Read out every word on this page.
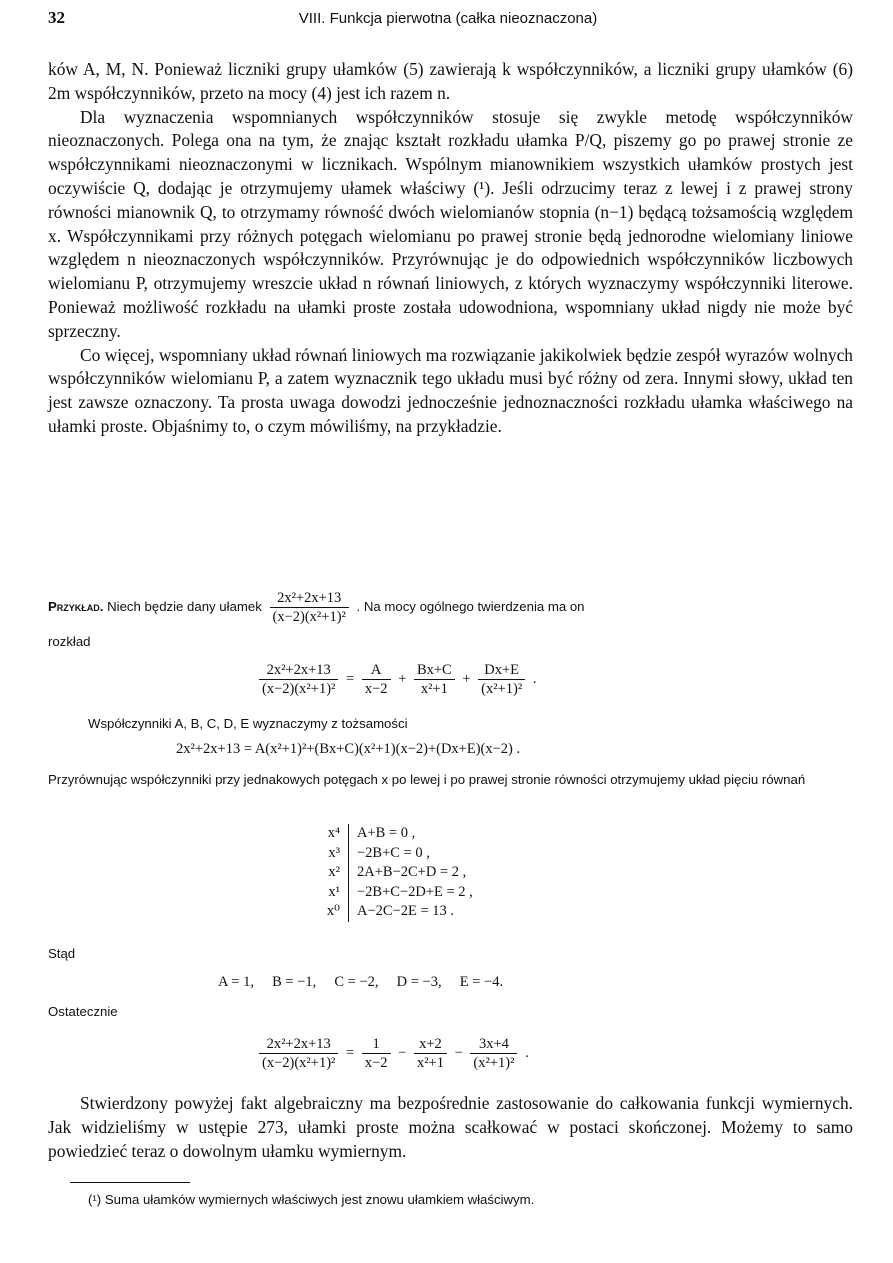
32	VIII. Funkcja pierwotna (całka nieoznaczona)

ków A, M, N. Ponieważ liczniki grupy ułamków (5) zawierają k współczynników, a liczniki grupy ułamków (6) 2m współczynników, przeto na mocy (4) jest ich razem n.

Dla wyznaczenia wspomnianych współczynników stosuje się zwykle metodę współczynników nieoznaczonych. Polega ona na tym, że znając kształt rozkładu ułamka P/Q, piszemy go po prawej stronie ze współczynnikami nieoznaczonymi w licznikach. Wspólnym mianownikiem wszystkich ułamków prostych jest oczywiście Q, dodając je otrzymujemy ułamek właściwy (¹). Jeśli odrzucimy teraz z lewej i z prawej strony równości mianownik Q, to otrzymamy równość dwóch wielomianów stopnia (n−1) będącą tożsamością względem x. Współczynnikami przy różnych potęgach wielomianu po prawej stronie będą jednorodne wielomiany liniowe względem n nieoznaczonych współczynników. Przyrównując je do odpowiednich współczynników liczbowych wielomianu P, otrzymujemy wreszcie układ n równań liniowych, z których wyznaczymy współczynniki literowe. Ponieważ możliwość rozkładu na ułamki proste została udowodniona, wspomniany układ nigdy nie może być sprzeczny.

Co więcej, wspomniany układ równań liniowych ma rozwiązanie jakikolwiek będzie zespół wyrazów wolnych współczynników wielomianu P, a zatem wyznacznik tego układu musi być różny od zera. Innymi słowy, układ ten jest zawsze oznaczony. Ta prosta uwaga dowodzi jednocześnie jednoznaczności rozkładu ułamka właściwego na ułamki proste. Objaśnimy to, o czym mówiliśmy, na przykładzie.

Przykład. Niech będzie dany ułamek $\frac{\text{2x²+2x+13}}{\text{(x−2)(x²+1)²}}$ . Na mocy ogólnego twierdzenia ma on
rozkład
$\frac{\text{2x²+2x+13}}{\text{(x−2)(x²+1)²}} = \frac{A}{x-2} + \frac{Bx+C}{\text{x²+1}} + \frac{Dx+E}{\text{(x²+1)²}}$ .
Współczynniki A, B, C, D, E wyznaczymy z tożsamości
2x²+2x+13 = A(x²+1)²+(Bx+C)(x²+1)(x−2)+(Dx+E)(x−2) .
Przyrównując współczynniki przy jednakowych potęgach x po lewej i po prawej stronie równości otrzymujemy układ pięciu równań
x⁴	A+B = 0 ,
x³	−2B+C = 0 ,
x²	2A+B−2C+D = 2 ,
x¹	−2B+C−2D+E = 2 ,
x⁰	A−2C−2E = 13 .
Stąd
A = 1,     B = −1,     C = −2,     D = −3,     E = −4.
Ostatecznie
$\frac{\text{2x²+2x+13}}{\text{(x−2)(x²+1)²}} = \frac{1}{x-2} - \frac{x+2}{\text{x²+1}} - \frac{3x+4}{\text{(x²+1)²}}$ .
Stwierdzony powyżej fakt algebraiczny ma bezpośrednie zastosowanie do całkowania funkcji wymiernych. Jak widzieliśmy w ustępie 273, ułamki proste można scałkować w postaci skończonej. Możemy to samo powiedzieć teraz o dowolnym ułamku wymiernym.
(¹) Suma ułamków wymiernych właściwych jest znowu ułamkiem właściwym.
